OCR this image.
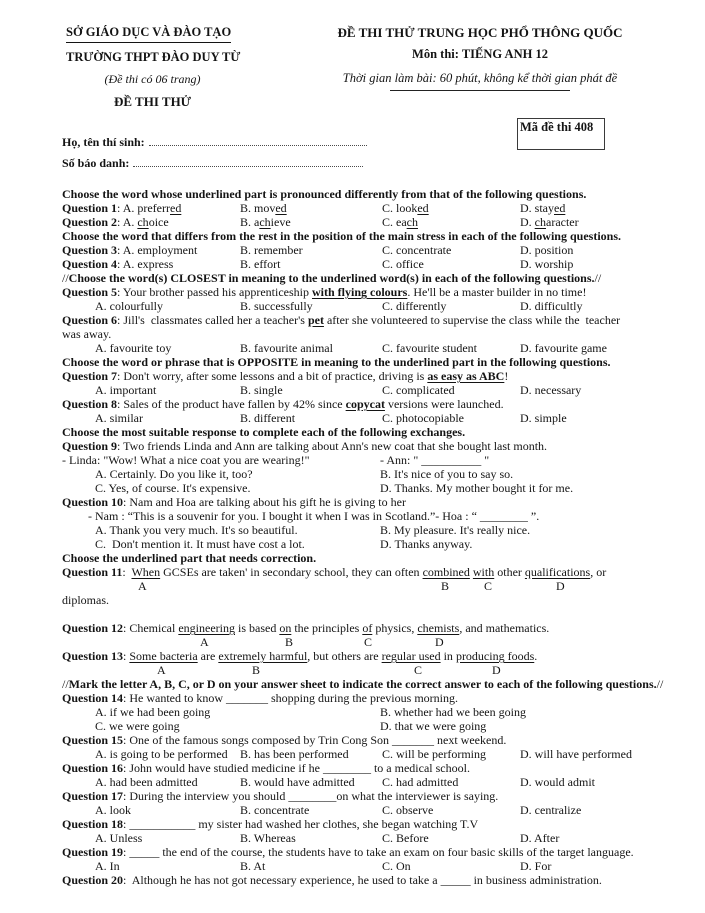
SỞ GIÁO DỤC VÀ ĐÀO TẠO
TRƯỜNG THPT ĐÀO DUY TỪ
(Đề thi có 06 trang)
ĐỀ THI THỬ
ĐỀ THI THỬ TRUNG HỌC PHỔ THÔNG QUỐC
Môn thi: TIẾNG ANH 12
Thời gian làm bài: 60 phút, không kể thời gian phát đề
Mã đề thi 408
Họ, tên thí sinh:
Số báo danh:
Choose the word whose underlined part is pronounced differently from that of the following questions.
Question 1: A. preferred	B. moved	C. looked	D. stayed
Question 2: A. choice	B. achieve	C. each	D. character
Choose the word that differs from the rest in the position of the main stress in each of the following questions.
Question 3: A. employment	B. remember	C. concentrate	D. position
Question 4: A. express	B. effort	C. office	D. worship
//Choose the word(s) CLOSEST in meaning to the underlined word(s) in each of the following questions.//
Question 5: Your brother passed his apprenticeship with flying colours. He'll be a master builder in no time!
A. colourfully	B. successfully	C. differently	D. difficultly
Question 6: Jill's  classmates called her a teacher's pet after she volunteered to supervise the class while the  teacher
was away.
A. favourite toy	B. favourite animal	C. favourite student	D. favourite game
Choose the word or phrase that is OPPOSITE in meaning to the underlined part in the following questions.
Question 7: Don't worry, after some lessons and a bit of practice, driving is as easy as ABC!
A. important	B. single	C. complicated	D. necessary
Question 8: Sales of the product have fallen by 42% since copycat versions were launched.
A. similar	B. different	C. photocopiable	D. simple
Choose the most suitable response to complete each of the following exchanges.
Question 9: Two friends Linda and Ann are talking about Ann's new coat that she bought last month.
- Linda: "Wow! What a nice coat you are wearing!"	- Ann: " __________ "
A. Certainly. Do you like it, too?	B. It's nice of you to say so.
C. Yes, of course. It's expensive.	D. Thanks. My mother bought it for me.
Question 10: Nam and Hoa are talking about his gift he is giving to her
- Nam : “This is a souvenir for you. I bought it when I was in Scotland.”- Hoa : “ ________ ”.
A. Thank you very much. It's so beautiful.	B. My pleasure. It's really nice.
C.  Don't mention it. It must have cost a lot.	D. Thanks anyway.
Choose the underlined part that needs correction.
Question 11:  When GCSEs are taken' in secondary school, they can often combined with other qualifications, or
A	B	C	D
diplomas.
Question 12: Chemical engineering is based on the principles of physics, chemists, and mathematics.
A	B	C	D
Question 13: Some bacteria are extremely harmful, but others are regular used in producing foods.
A	B	C	D
//Mark the letter A, B, C, or D on your answer sheet to indicate the correct answer to each of the following questions.//
Question 14: He wanted to know _______ shopping during the previous morning.
A. if we had been going	B. whether had we been going
C. we were going	D. that we were going
Question 15: One of the famous songs composed by Trin Cong Son _______ next weekend.
A. is going to be performed B. has been performed	C. will be performing	D. will have performed
Question 16: John would have studied medicine if he ________ to a medical school.
A. had been admitted	B. would have admitted C. had admitted	D. would admit
Question 17: During the interview you should ________on what the interviewer is saying.
A. look	B. concentrate	C. observe	D. centralize
Question 18: ___________ my sister had washed her clothes, she began watching T.V
A. Unless	B. Whereas	C. Before	D. After
Question 19: _____ the end of the course, the students have to take an exam on four basic skills of the target language.
A. In	B. At	C. On	D. For
Question 20:  Although he has not got necessary experience, he used to take a _____ in business administration.
